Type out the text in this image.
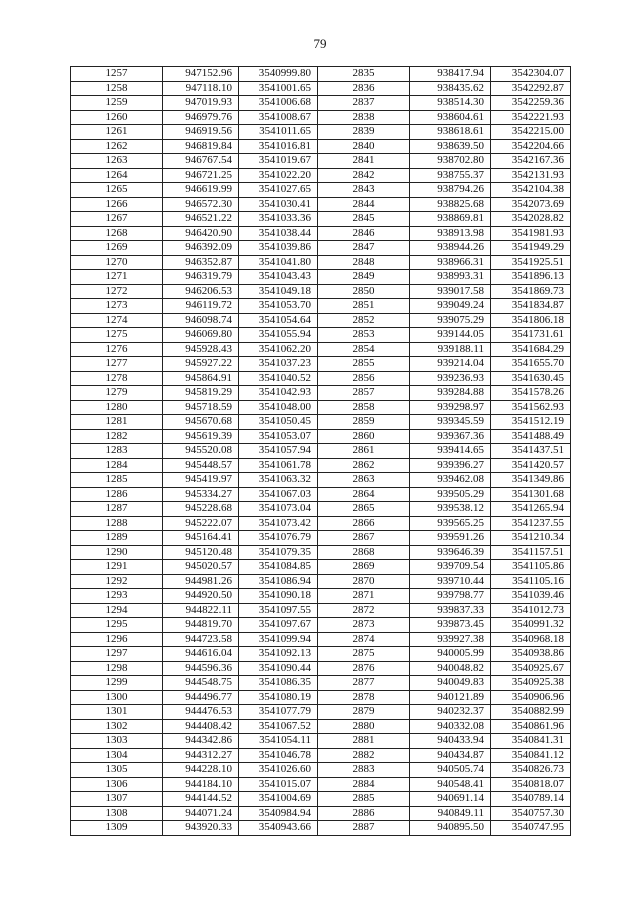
79
1257	947152.96	3540999.80	2835	938417.94	3542304.07
1258	947118.10	3541001.65	2836	938435.62	3542292.87
1259	947019.93	3541006.68	2837	938514.30	3542259.36
1260	946979.76	3541008.67	2838	938604.61	3542221.93
1261	946919.56	3541011.65	2839	938618.61	3542215.00
1262	946819.84	3541016.81	2840	938639.50	3542204.66
1263	946767.54	3541019.67	2841	938702.80	3542167.36
1264	946721.25	3541022.20	2842	938755.37	3542131.93
1265	946619.99	3541027.65	2843	938794.26	3542104.38
1266	946572.30	3541030.41	2844	938825.68	3542073.69
1267	946521.22	3541033.36	2845	938869.81	3542028.82
1268	946420.90	3541038.44	2846	938913.98	3541981.93
1269	946392.09	3541039.86	2847	938944.26	3541949.29
1270	946352.87	3541041.80	2848	938966.31	3541925.51
1271	946319.79	3541043.43	2849	938993.31	3541896.13
1272	946206.53	3541049.18	2850	939017.58	3541869.73
1273	946119.72	3541053.70	2851	939049.24	3541834.87
1274	946098.74	3541054.64	2852	939075.29	3541806.18
1275	946069.80	3541055.94	2853	939144.05	3541731.61
1276	945928.43	3541062.20	2854	939188.11	3541684.29
1277	945927.22	3541037.23	2855	939214.04	3541655.70
1278	945864.91	3541040.52	2856	939236.93	3541630.45
1279	945819.29	3541042.93	2857	939284.88	3541578.26
1280	945718.59	3541048.00	2858	939298.97	3541562.93
1281	945670.68	3541050.45	2859	939345.59	3541512.19
1282	945619.39	3541053.07	2860	939367.36	3541488.49
1283	945520.08	3541057.94	2861	939414.65	3541437.51
1284	945448.57	3541061.78	2862	939396.27	3541420.57
1285	945419.97	3541063.32	2863	939462.08	3541349.86
1286	945334.27	3541067.03	2864	939505.29	3541301.68
1287	945228.68	3541073.04	2865	939538.12	3541265.94
1288	945222.07	3541073.42	2866	939565.25	3541237.55
1289	945164.41	3541076.79	2867	939591.26	3541210.34
1290	945120.48	3541079.35	2868	939646.39	3541157.51
1291	945020.57	3541084.85	2869	939709.54	3541105.86
1292	944981.26	3541086.94	2870	939710.44	3541105.16
1293	944920.50	3541090.18	2871	939798.77	3541039.46
1294	944822.11	3541097.55	2872	939837.33	3541012.73
1295	944819.70	3541097.67	2873	939873.45	3540991.32
1296	944723.58	3541099.94	2874	939927.38	3540968.18
1297	944616.04	3541092.13	2875	940005.99	3540938.86
1298	944596.36	3541090.44	2876	940048.82	3540925.67
1299	944548.75	3541086.35	2877	940049.83	3540925.38
1300	944496.77	3541080.19	2878	940121.89	3540906.96
1301	944476.53	3541077.79	2879	940232.37	3540882.99
1302	944408.42	3541067.52	2880	940332.08	3540861.96
1303	944342.86	3541054.11	2881	940433.94	3540841.31
1304	944312.27	3541046.78	2882	940434.87	3540841.12
1305	944228.10	3541026.60	2883	940505.74	3540826.73
1306	944184.10	3541015.07	2884	940548.41	3540818.07
1307	944144.52	3541004.69	2885	940691.14	3540789.14
1308	944071.24	3540984.94	2886	940849.11	3540757.30
1309	943920.33	3540943.66	2887	940895.50	3540747.95
